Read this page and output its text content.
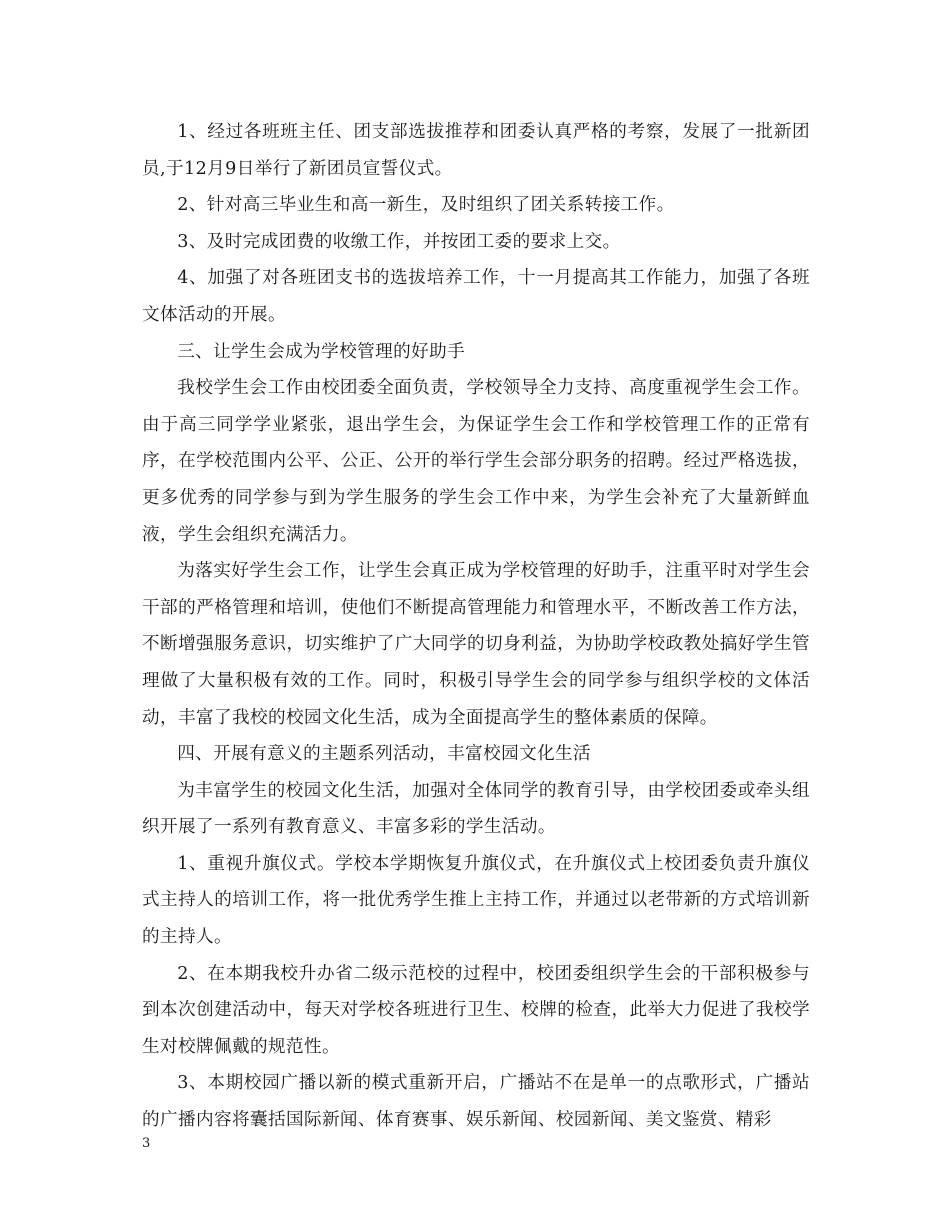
1、经过各班班主任、团支部选拔推荐和团委认真严格的考察，发展了一批新团员,于12月9日举行了新团员宣誓仪式。

2、针对高三毕业生和高一新生，及时组织了团关系转接工作。

3、及时完成团费的收缴工作，并按团工委的要求上交。

4、加强了对各班团支书的选拔培养工作，十一月提高其工作能力，加强了各班文体活动的开展。

三、让学生会成为学校管理的好助手

我校学生会工作由校团委全面负责，学校领导全力支持、高度重视学生会工作。由于高三同学学业紧张，退出学生会，为保证学生会工作和学校管理工作的正常有序，在学校范围内公平、公正、公开的举行学生会部分职务的招聘。经过严格选拔，更多优秀的同学参与到为学生服务的学生会工作中来，为学生会补充了大量新鲜血液，学生会组织充满活力。

为落实好学生会工作，让学生会真正成为学校管理的好助手，注重平时对学生会干部的严格管理和培训，使他们不断提高管理能力和管理水平，不断改善工作方法，不断增强服务意识，切实维护了广大同学的切身利益，为协助学校政教处搞好学生管理做了大量积极有效的工作。同时，积极引导学生会的同学参与组织学校的文体活动，丰富了我校的校园文化生活，成为全面提高学生的整体素质的保障。

四、开展有意义的主题系列活动，丰富校园文化生活

为丰富学生的校园文化生活，加强对全体同学的教育引导，由学校团委或牵头组织开展了一系列有教育意义、丰富多彩的学生活动。

1、重视升旗仪式。学校本学期恢复升旗仪式，在升旗仪式上校团委负责升旗仪式主持人的培训工作，将一批优秀学生推上主持工作，并通过以老带新的方式培训新的主持人。

2、在本期我校升办省二级示范校的过程中，校团委组织学生会的干部积极参与到本次创建活动中，每天对学校各班进行卫生、校牌的检查，此举大力促进了我校学生对校牌佩戴的规范性。

3、本期校园广播以新的模式重新开启，广播站不在是单一的点歌形式，广播站的广播内容将囊括国际新闻、体育赛事、娱乐新闻、校园新闻、美文鉴赏、精彩

3
